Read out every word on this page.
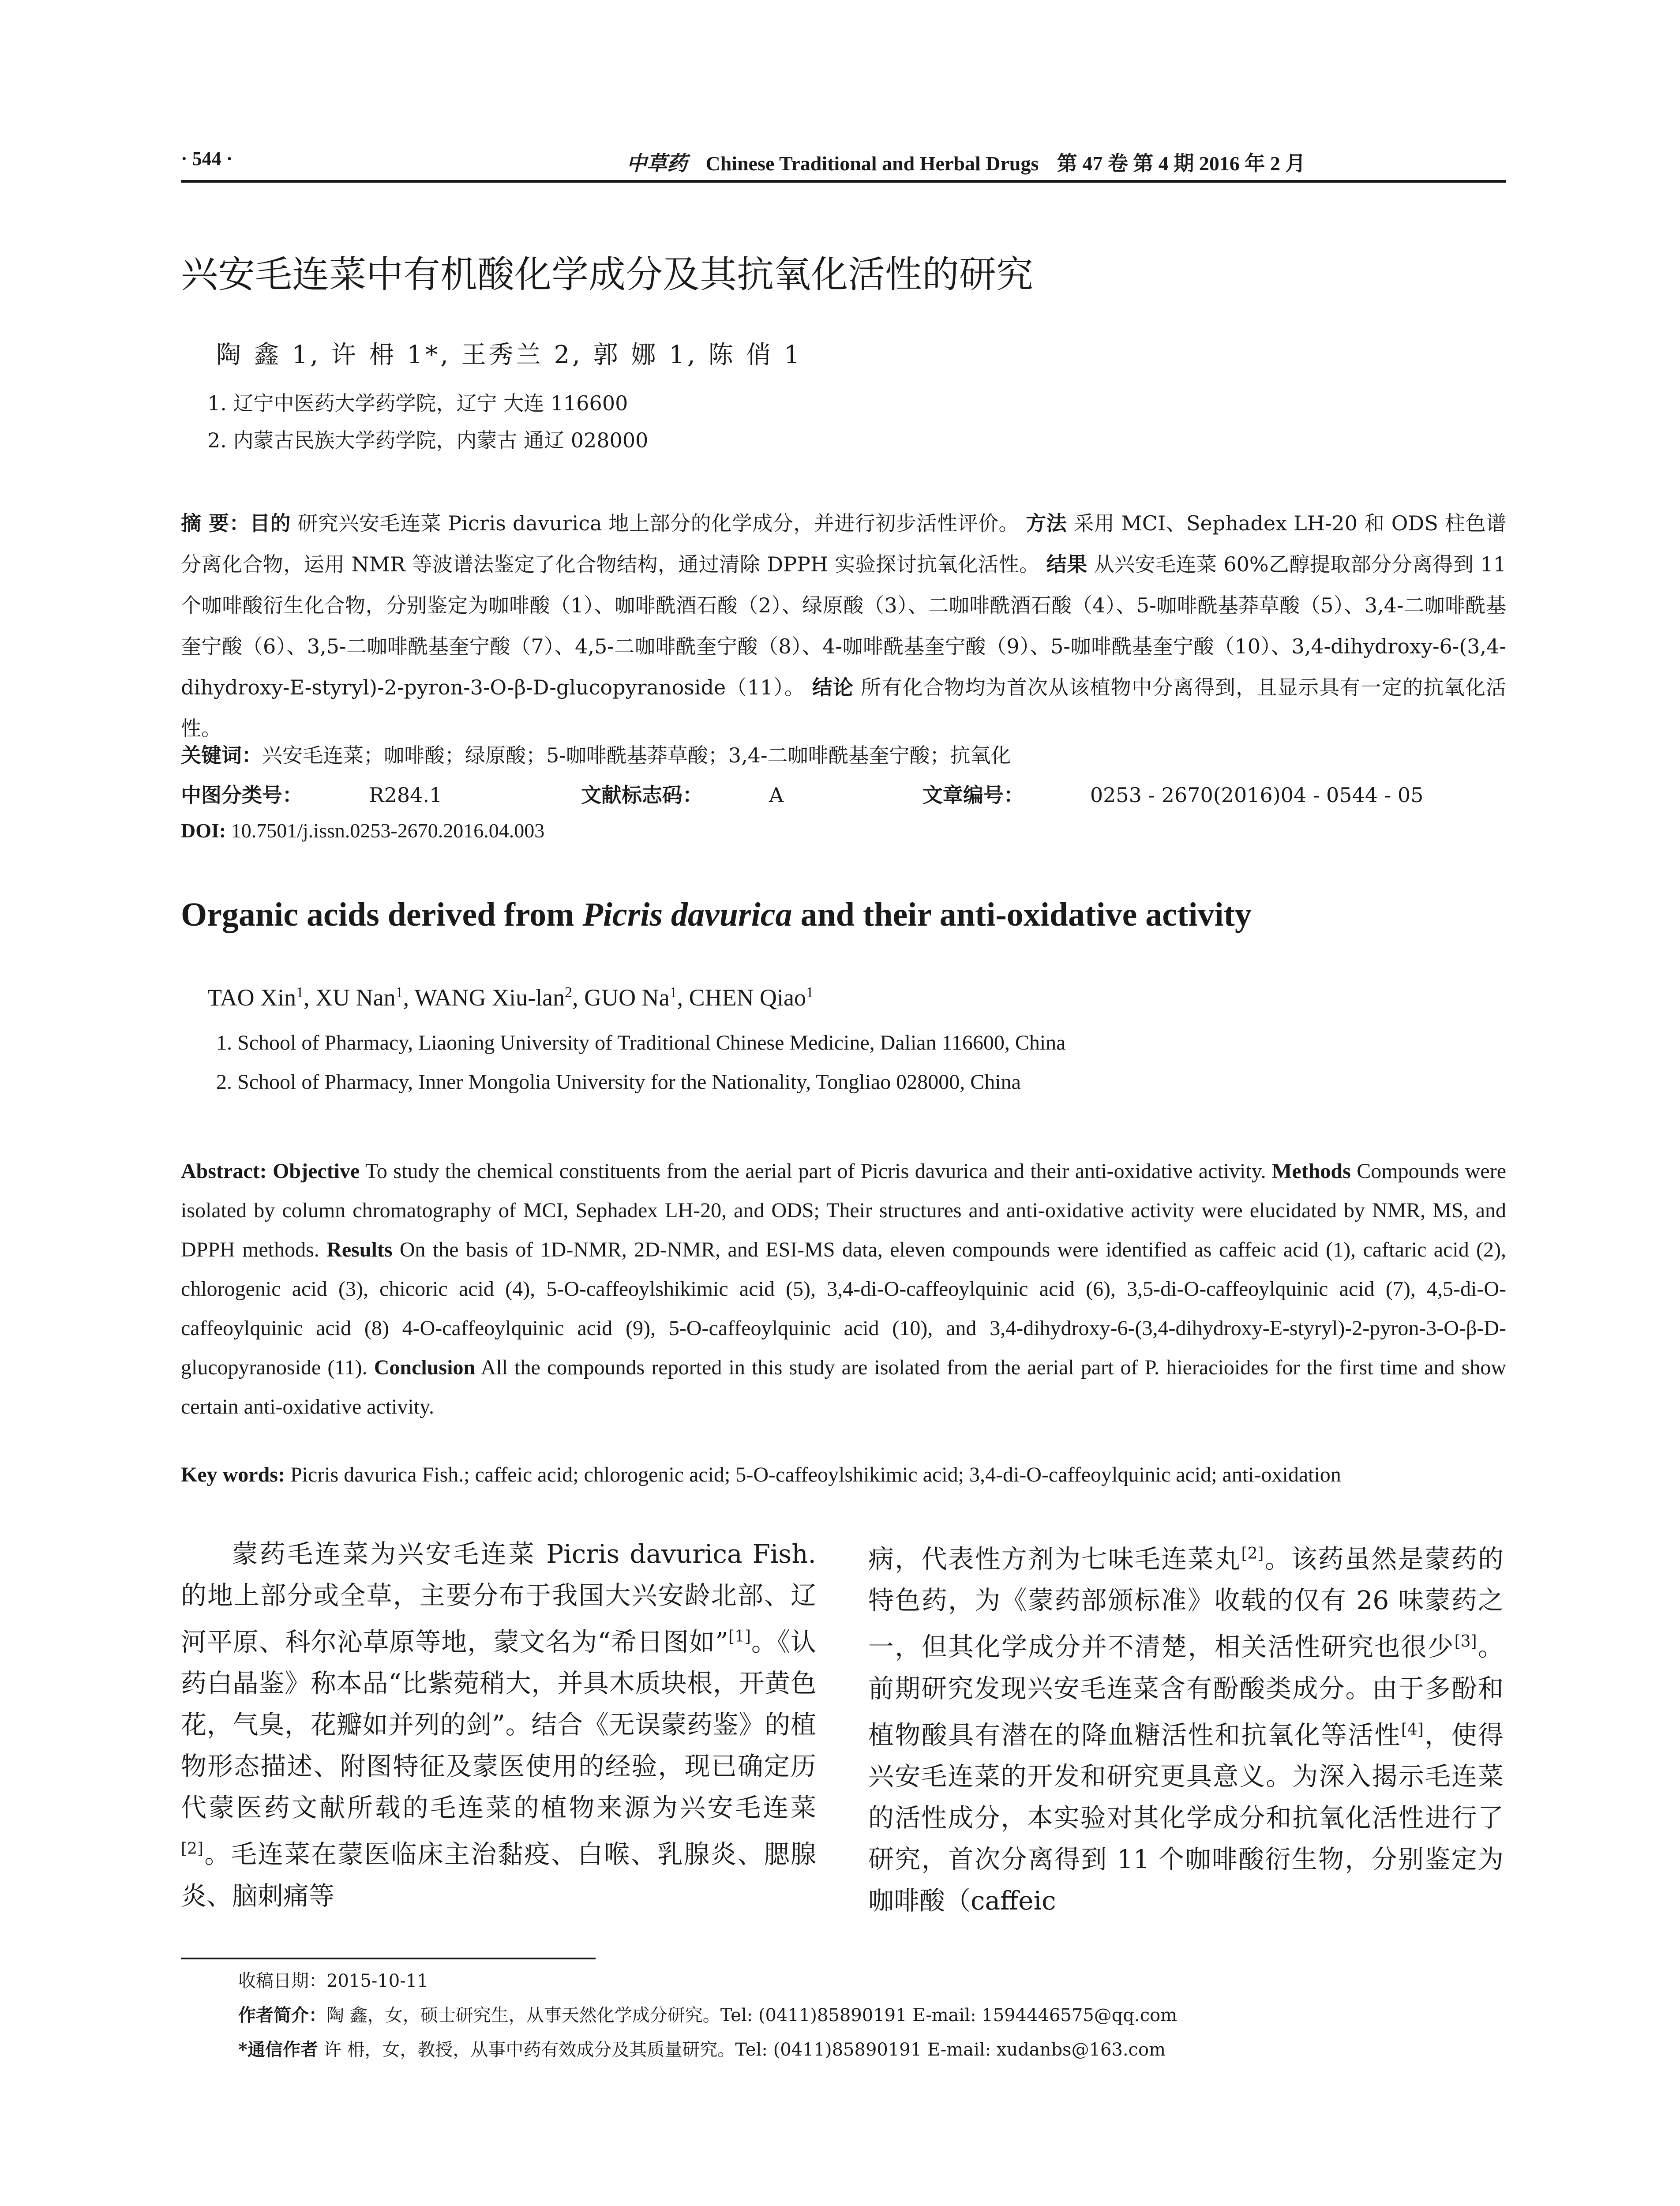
· 544 ·	中草药 Chinese Traditional and Herbal Drugs 第 47 卷 第 4 期 2016 年 2 月
兴安毛连菜中有机酸化学成分及其抗氧化活性的研究
陶 鑫 1, 许 枏 1*, 王秀兰 2, 郭 娜 1, 陈 俏 1
1. 辽宁中医药大学药学院，辽宁 大连 116600
2. 内蒙古民族大学药学院，内蒙古 通辽 028000
摘 要：目的 研究兴安毛连菜 Picris davurica 地上部分的化学成分，并进行初步活性评价。 方法 采用 MCI、Sephadex LH-20 和 ODS 柱色谱分离化合物，运用 NMR 等波谱法鉴定了化合物结构，通过清除 DPPH 实验探讨抗氧化活性。 结果 从兴安毛连菜 60%乙醇提取部分分离得到 11 个咖啡酸衍生化合物，分别鉴定为咖啡酸（1）、咖啡酰酒石酸（2）、绿原酸（3）、二咖啡酰酒石酸（4）、5-咖啡酰基莽草酸（5）、3,4-二咖啡酰基奎宁酸（6）、3,5-二咖啡酰基奎宁酸（7）、4,5-二咖啡酰奎宁酸（8）、4-咖啡酰基奎宁酸（9）、5-咖啡酰基奎宁酸（10）、3,4-dihydroxy-6-(3,4-dihydroxy-E-styryl)-2-pyron-3-O-β-D-glucopyranoside（11）。 结论 所有化合物均为首次从该植物中分离得到，且显示具有一定的抗氧化活性。
关键词：兴安毛连菜；咖啡酸；绿原酸；5-咖啡酰基莽草酸；3,4-二咖啡酰基奎宁酸；抗氧化
中图分类号：	R284.1	文献标志码：	A	文章编号：	0253 - 2670(2016)04 - 0544 - 05
DOI: 10.7501/j.issn.0253-2670.2016.04.003
Organic acids derived from Picris davurica and their anti-oxidative activity
TAO Xin$^1$, XU Nan$^1$, WANG Xiu-lan$^2$, GUO Na$^1$, CHEN Qiao$^1$
1. School of Pharmacy, Liaoning University of Traditional Chinese Medicine, Dalian 116600, China
2. School of Pharmacy, Inner Mongolia University for the Nationality, Tongliao 028000, China
Abstract: Objective To study the chemical constituents from the aerial part of Picris davurica and their anti-oxidative activity. Methods Compounds were isolated by column chromatography of MCI, Sephadex LH-20, and ODS; Their structures and anti-oxidative activity were elucidated by NMR, MS, and DPPH methods. Results On the basis of 1D-NMR, 2D-NMR, and ESI-MS data, eleven compounds were identified as caffeic acid (1), caftaric acid (2), chlorogenic acid (3), chicoric acid (4), 5-O-caffeoylshikimic acid (5), 3,4-di-O-caffeoylquinic acid (6), 3,5-di-O-caffeoylquinic acid (7), 4,5-di-O-caffeoylquinic acid (8) 4-O-caffeoylquinic acid (9), 5-O-caffeoylquinic acid (10), and 3,4-dihydroxy-6-(3,4-dihydroxy-E-styryl)-2-pyron-3-O-β-D-glucopyranoside (11). Conclusion All the compounds reported in this study are isolated from the aerial part of P. hieracioides for the first time and show certain anti-oxidative activity.
Key words: Picris davurica Fish.; caffeic acid; chlorogenic acid; 5-O-caffeoylshikimic acid; 3,4-di-O-caffeoylquinic acid; anti-oxidation
蒙药毛连菜为兴安毛连菜 Picris davurica Fish. 的地上部分或全草，主要分布于我国大兴安龄北部、辽河平原、科尔沁草原等地，蒙文名为“希日图如”[1]。《认药白晶鉴》称本品“比紫菀稍大，并具木质块根，开黄色花，气臭，花瓣如并列的剑”。结合《无误蒙药鉴》的植物形态描述、附图特征及蒙医使用的经验，现已确定历代蒙医药文献所载的毛连菜的植物来源为兴安毛连菜[2]。毛连菜在蒙医临床主治黏疫、白喉、乳腺炎、腮腺炎、脑刺痛等
病，代表性方剂为七味毛连菜丸[2]。该药虽然是蒙药的特色药，为《蒙药部颁标准》收载的仅有 26 味蒙药之一，但其化学成分并不清楚，相关活性研究也很少[3]。前期研究发现兴安毛连菜含有酚酸类成分。由于多酚和植物酸具有潜在的降血糖活性和抗氧化等活性[4]，使得兴安毛连菜的开发和研究更具意义。为深入揭示毛连菜的活性成分，本实验对其化学成分和抗氧化活性进行了研究，首次分离得到 11 个咖啡酸衍生物，分别鉴定为咖啡酸（caffeic
收稿日期：2015-10-11
作者简介：陶 鑫，女，硕士研究生，从事天然化学成分研究。Tel: (0411)85890191 E-mail: 1594446575@qq.com
*通信作者 许 枏，女，教授，从事中药有效成分及其质量研究。Tel: (0411)85890191 E-mail: xudanbs@163.com
